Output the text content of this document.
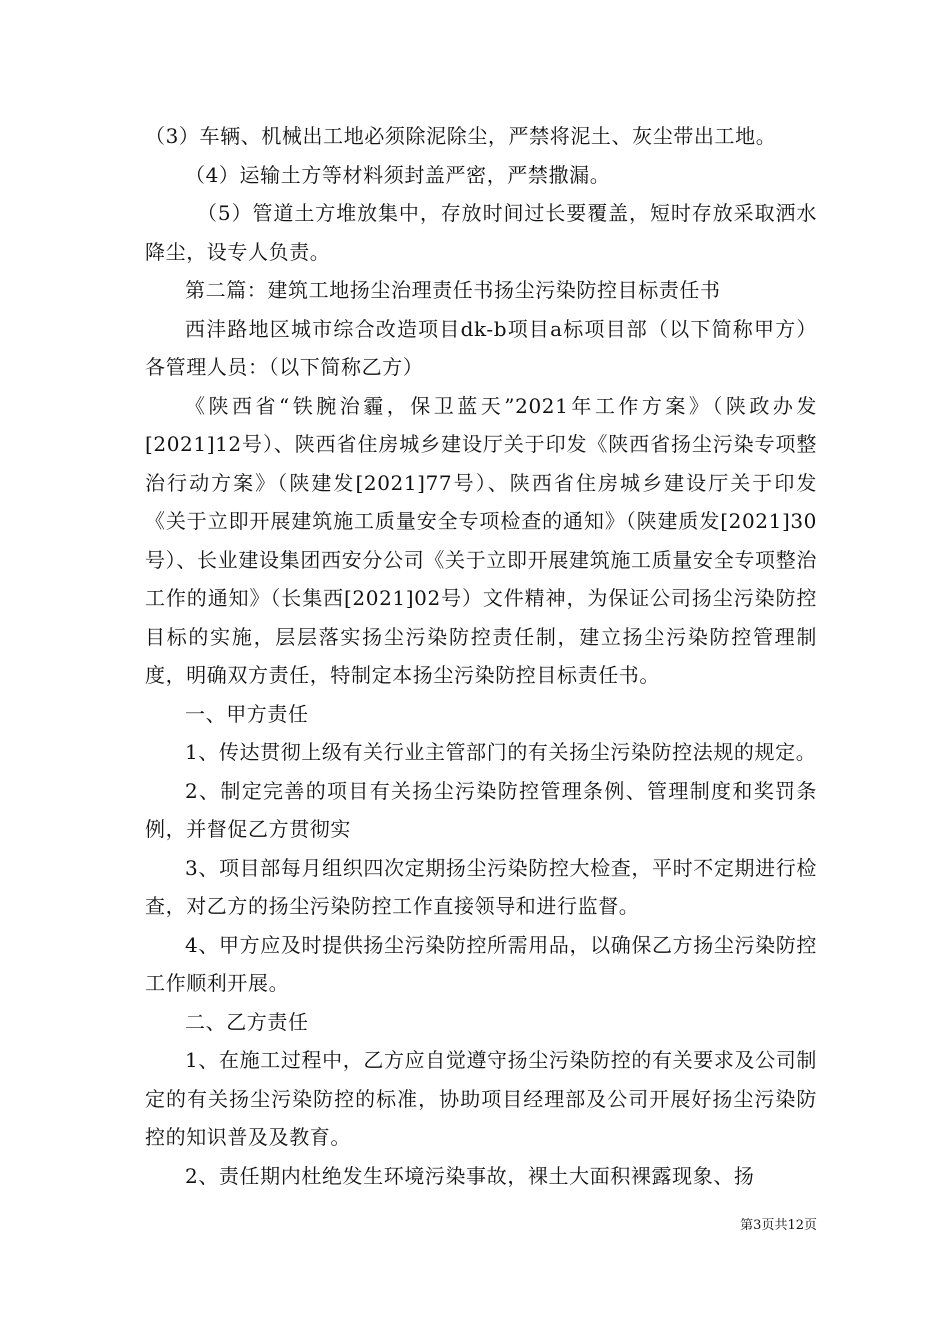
（3）车辆、机械出工地必须除泥除尘，严禁将泥土、灰尘带出工地。

（4）运输土方等材料须封盖严密，严禁撒漏。

（5）管道土方堆放集中，存放时间过长要覆盖，短时存放采取洒水降尘，设专人负责。

第二篇：建筑工地扬尘治理责任书扬尘污染防控目标责任书

西沣路地区城市综合改造项目dk-b项目a标项目部（以下简称甲方）各管理人员：（以下简称乙方）

《陕西省“铁腕治霾，保卫蓝天”2021年工作方案》（陕政办发[2021]12号）、陕西省住房城乡建设厅关于印发《陕西省扬尘污染专项整治行动方案》（陕建发[2021]77号）、陕西省住房城乡建设厅关于印发《关于立即开展建筑施工质量安全专项检查的通知》（陕建质发[2021]30号）、长业建设集团西安分公司《关于立即开展建筑施工质量安全专项整治工作的通知》（长集西[2021]02号）文件精神，为保证公司扬尘污染防控目标的实施，层层落实扬尘污染防控责任制，建立扬尘污染防控管理制度，明确双方责任，特制定本扬尘污染防控目标责任书。

一、甲方责任

1、传达贯彻上级有关行业主管部门的有关扬尘污染防控法规的规定。

2、制定完善的项目有关扬尘污染防控管理条例、管理制度和奖罚条例，并督促乙方贯彻实

3、项目部每月组织四次定期扬尘污染防控大检查，平时不定期进行检查，对乙方的扬尘污染防控工作直接领导和进行监督。

4、甲方应及时提供扬尘污染防控所需用品，以确保乙方扬尘污染防控工作顺利开展。

二、乙方责任

1、在施工过程中，乙方应自觉遵守扬尘污染防控的有关要求及公司制定的有关扬尘污染防控的标准，协助项目经理部及公司开展好扬尘污染防控的知识普及及教育。

2、责任期内杜绝发生环境污染事故，裸土大面积裸露现象、扬

第3页共12页
